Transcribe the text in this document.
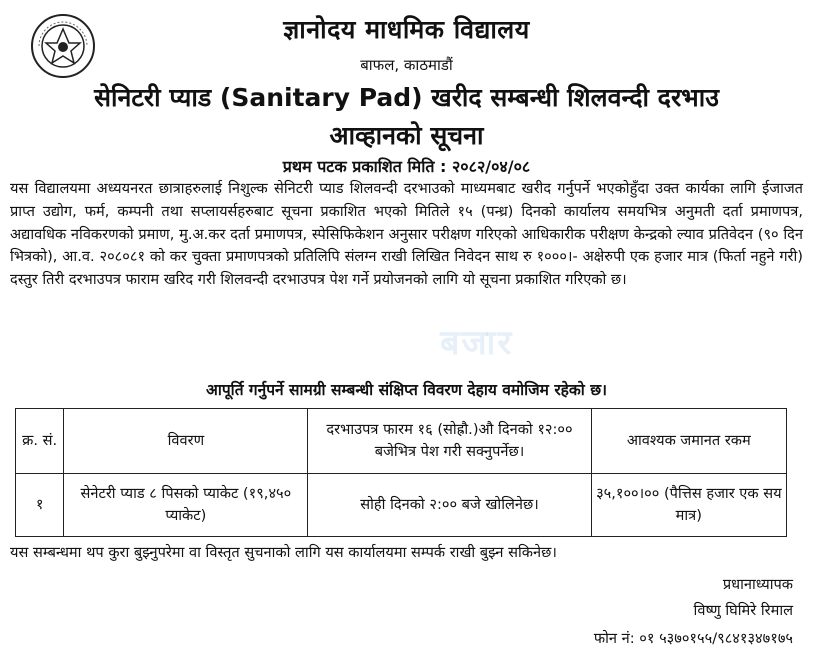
ज्ञानोदय माधमिक विद्यालय
बाफल, काठमाडौं
सेनिटरी प्याड (Sanitary Pad) खरीद सम्बन्धी शिलवन्दी दरभाउ
आव्हानको सूचना
प्रथम पटक प्रकाशित मिति : २०८२/०४/०८
यस विद्यालयमा अध्ययनरत छात्राहरुलाई निशुल्क सेनिटरी प्याड शिलवन्दी दरभाउको माध्यमबाट खरीद गर्नुपर्ने भएकोहुँदा उक्त कार्यका लागि ईजाजत प्राप्त उद्योग, फर्म, कम्पनी तथा सप्लायर्सहरुबाट सूचना प्रकाशित भएको मितिले १५ (पन्ध्र) दिनको कार्यालय समयभित्र अनुमती दर्ता प्रमाणपत्र, अद्यावधिक नविकरणको प्रमाण, मु.अ.कर दर्ता प्रमाणपत्र, स्पेसिफिकेशन अनुसार परीक्षण गरिएको आधिकारीक परीक्षण केन्द्रको ल्याव प्रतिवेदन (९० दिन भित्रको), आ.व. २०८०८१ को कर चुक्ता प्रमाणपत्रको प्रतिलिपि संलग्न राखी लिखित निवेदन साथ रु १०००।- अक्षेरुपी एक हजार मात्र (फिर्ता नहुने गरी) दस्तुर तिरी दरभाउपत्र फाराम खरिद गरी शिलवन्दी दरभाउपत्र पेश गर्ने प्रयोजनको लागि यो सूचना प्रकाशित गरिएको छ।
बजार
आपूर्ति गर्नुपर्ने सामग्री सम्बन्धी संक्षिप्त विवरण देहाय वमोजिम रहेको छ।
क्र. सं.	विवरण	दरभाउपत्र फारम १६ (सोह्रौ.)औ दिनको १२:०० बजेभित्र पेश गरी सक्नुपर्नेछ।	आवश्यक जमानत रकम
१	सेनेटरी प्याड ८ पिसको प्याकेट (१९,४५० प्याकेट)	सोही दिनको २:०० बजे खोलिनेछ।	३५,१००।०० (पैत्तिस हजार एक सय मात्र)
यस सम्बन्धमा थप कुरा बुझ्नुपरेमा वा विस्तृत सुचनाको लागि यस कार्यालयमा सम्पर्क राखी बुझ्न सकिनेछ।
प्रधानाध्यापक
विष्णु घिमिरे रिमाल
फोन नं: ०१ ५३७०१५५/९८४१३४७१७५
